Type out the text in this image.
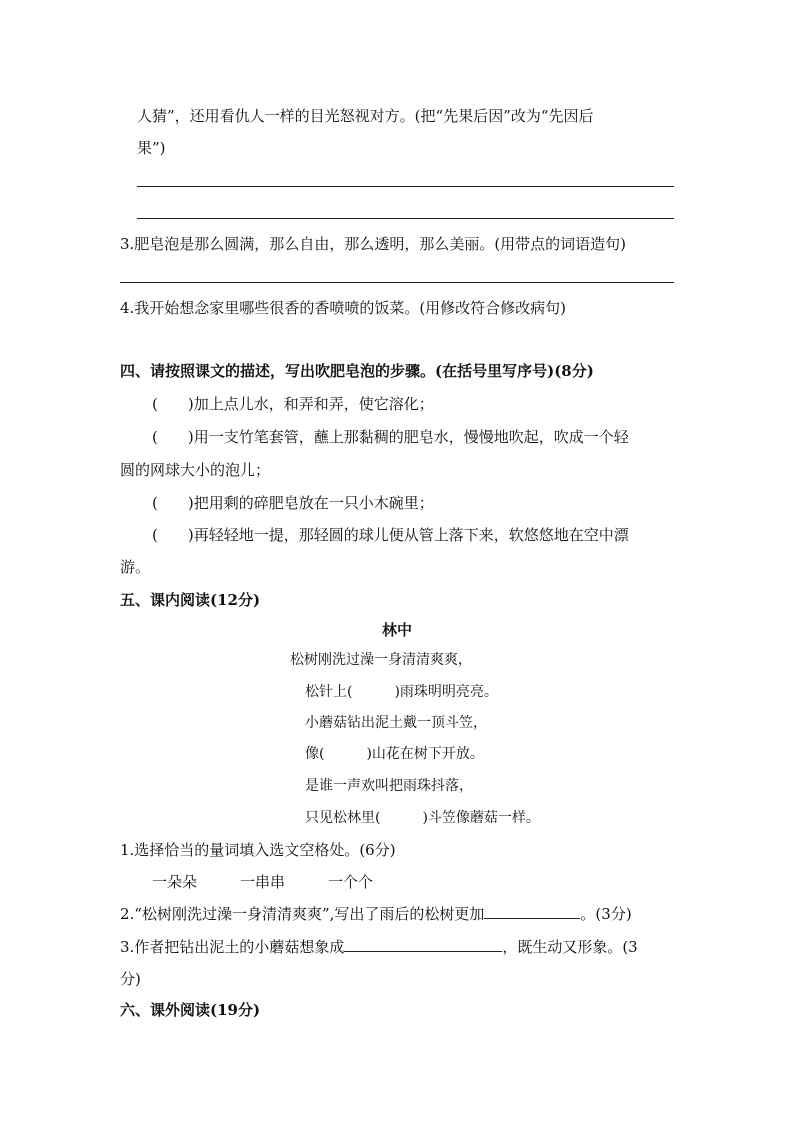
人猜”，还用看仇人一样的目光怒视对方。(把“先果后因”改为“先因后
果”)
3.肥皂泡是那么圆满，那么自由，那么透明，那么美丽。(用带点的词语造句)
4.我开始想念家里哪些很香的香喷喷的饭菜。(用修改符合修改病句)
四、请按照课文的描述，写出吹肥皂泡的步骤。(在括号里写序号)(8分)
(　　)加上点儿水，和弄和弄，使它溶化；
(　　)用一支竹笔套管，蘸上那黏稠的肥皂水，慢慢地吹起，吹成一个轻
圆的网球大小的泡儿；
(　　)把用剩的碎肥皂放在一只小木碗里；
(　　)再轻轻地一提，那轻圆的球儿便从管上落下来，软悠悠地在空中漂
游。
五、课内阅读(12分)
林中
松树刚洗过澡一身清清爽爽，
松针上(　　　)雨珠明明亮亮。
小蘑菇钻出泥土戴一顶斗笠，
像(　　　)山花在树下开放。
是谁一声欢叫把雨珠抖落，
只见松林里(　　　)斗笠像蘑菇一样。
1.选择恰当的量词填入选文空格处。(6分)
一朵朵	一串串	一个个
2.“松树刚洗过澡一身清清爽爽”,写出了雨后的松树更加	。(3分)
3.作者把钻出泥土的小蘑菇想象成	，既生动又形象。(3
分)
六、课外阅读(19分)
